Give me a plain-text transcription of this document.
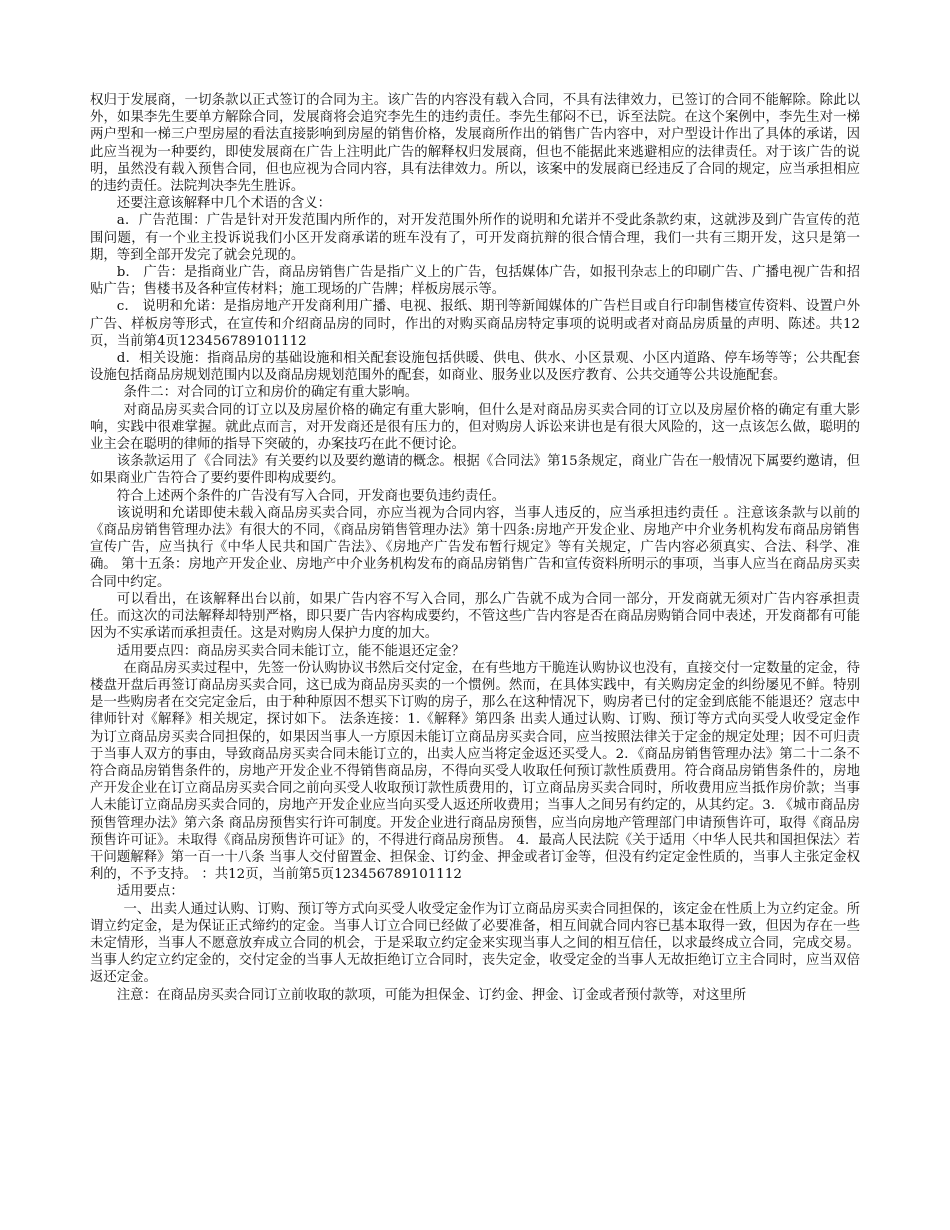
权归于发展商，一切条款以正式签订的合同为主。该广告的内容没有载入合同，不具有法律效力，已签订的合同不能解除。除此以外，如果李先生要单方解除合同，发展商将会追究李先生的违约责任。李先生郁闷不已，诉至法院。在这个案例中，李先生对一梯两户型和一梯三户型房屋的看法直接影响到房屋的销售价格，发展商所作出的销售广告内容中，对户型设计作出了具体的承诺，因此应当视为一种要约，即使发展商在广告上注明此广告的解释权归发展商，但也不能据此来逃避相应的法律责任。对于该广告的说明，虽然没有载入预售合同，但也应视为合同内容，具有法律效力。所以，该案中的发展商已经违反了合同的规定，应当承担相应的违约责任。法院判决李先生胜诉。

还要注意该解释中几个术语的含义：

a．广告范围：广告是针对开发范围内所作的，对开发范围外所作的说明和允诺并不受此条款约束，这就涉及到广告宣传的范围问题，有一个业主投诉说我们小区开发商承诺的班车没有了，可开发商抗辩的很合情合理，我们一共有三期开发，这只是第一期，等到全部开发完了就会兑现的。

b． 广告：是指商业广告，商品房销售广告是指广义上的广告，包括媒体广告，如报刊杂志上的印刷广告、广播电视广告和招贴广告；售楼书及各种宣传材料；施工现场的广告牌；样板房展示等。

c． 说明和允诺：是指房地产开发商利用广播、电视、报纸、期刊等新闻媒体的广告栏目或自行印制售楼宣传资料、设置户外广告、样板房等形式，在宣传和介绍商品房的同时，作出的对购买商品房特定事项的说明或者对商品房质量的声明、陈述。共12页，当前第4页123456789101112

d．相关设施：指商品房的基础设施和相关配套设施包括供暖、供电、供水、小区景观、小区内道路、停车场等等；公共配套设施包括商品房规划范围内以及商品房规划范围外的配套，如商业、服务业以及医疗教育、公共交通等公共设施配套。

条件二：对合同的订立和房价的确定有重大影响。

对商品房买卖合同的订立以及房屋价格的确定有重大影响，但什么是对商品房买卖合同的订立以及房屋价格的确定有重大影响，实践中很难掌握。就此点而言，对开发商还是很有压力的，但对购房人诉讼来讲也是有很大风险的，这一点该怎么做，聪明的业主会在聪明的律师的指导下突破的，办案技巧在此不便讨论。

该条款运用了《合同法》有关要约以及要约邀请的概念。根据《合同法》第15条规定，商业广告在一般情况下属要约邀请，但如果商业广告符合了要约要件即构成要约。

符合上述两个条件的广告没有写入合同，开发商也要负违约责任。

该说明和允诺即使未载入商品房买卖合同，亦应当视为合同内容，当事人违反的，应当承担违约责任 。注意该条款与以前的《商品房销售管理办法》有很大的不同，《商品房销售管理办法》第十四条:房地产开发企业、房地产中介业务机构发布商品房销售宣传广告，应当执行《中华人民共和国广告法》、《房地产广告发布暂行规定》等有关规定，广告内容必须真实、合法、科学、准确。 第十五条：房地产开发企业、房地产中介业务机构发布的商品房销售广告和宣传资料所明示的事项，当事人应当在商品房买卖合同中约定。

可以看出，在该解释出台以前，如果广告内容不写入合同，那么广告就不成为合同一部分，开发商就无须对广告内容承担责任。而这次的司法解释却特别严格，即只要广告内容构成要约，不管这些广告内容是否在商品房购销合同中表述，开发商都有可能因为不实承诺而承担责任。这是对购房人保护力度的加大。

适用要点四：商品房买卖合同未能订立，能不能退还定金？

在商品房买卖过程中，先签一份认购协议书然后交付定金，在有些地方干脆连认购协议也没有，直接交付一定数量的定金，待楼盘开盘后再签订商品房买卖合同，这已成为商品房买卖的一个惯例。然而，在具体实践中，有关购房定金的纠纷屡见不鲜。特别是一些购房者在交完定金后，由于种种原因不想买下订购的房子，那么在这种情况下，购房者已付的定金到底能不能退还？寇志中律师针对《解释》相关规定，探讨如下。 法条连接：1.《解释》第四条 出卖人通过认购、订购、预订等方式向买受人收受定金作为订立商品房买卖合同担保的，如果因当事人一方原因未能订立商品房买卖合同，应当按照法律关于定金的规定处理；因不可归责于当事人双方的事由，导致商品房买卖合同未能订立的，出卖人应当将定金返还买受人。2．《商品房销售管理办法》第二十二条不符合商品房销售条件的，房地产开发企业不得销售商品房，不得向买受人收取任何预订款性质费用。符合商品房销售条件的，房地产开发企业在订立商品房买卖合同之前向买受人收取预订款性质费用的，订立商品房买卖合同时，所收费用应当抵作房价款；当事人未能订立商品房买卖合同的，房地产开发企业应当向买受人返还所收费用；当事人之间另有约定的，从其约定。3. 《城市商品房预售管理办法》第六条 商品房预售实行许可制度。开发企业进行商品房预售，应当向房地产管理部门申请预售许可，取得《商品房预售许可证》。未取得《商品房预售许可证》的，不得进行商品房预售。 4．最高人民法院《关于适用〈中华人民共和国担保法〉若干问题解释》第一百一十八条 当事人交付留置金、担保金、订约金、押金或者订金等，但没有约定定金性质的，当事人主张定金权利的，不予支持。 ：共12页，当前第5页123456789101112

适用要点：

一、出卖人通过认购、订购、预订等方式向买受人收受定金作为订立商品房买卖合同担保的，该定金在性质上为立约定金。所谓立约定金，是为保证正式缔约的定金。当事人订立合同已经做了必要准备，相互间就合同内容已基本取得一致，但因为存在一些未定情形，当事人不愿意放弃成立合同的机会，于是采取立约定金来实现当事人之间的相互信任，以求最终成立合同，完成交易。当事人约定立约定金的，交付定金的当事人无故拒绝订立合同时，丧失定金，收受定金的当事人无故拒绝订立主合同时，应当双倍返还定金。

注意：在商品房买卖合同订立前收取的款项，可能为担保金、订约金、押金、订金或者预付款等，对这里所
